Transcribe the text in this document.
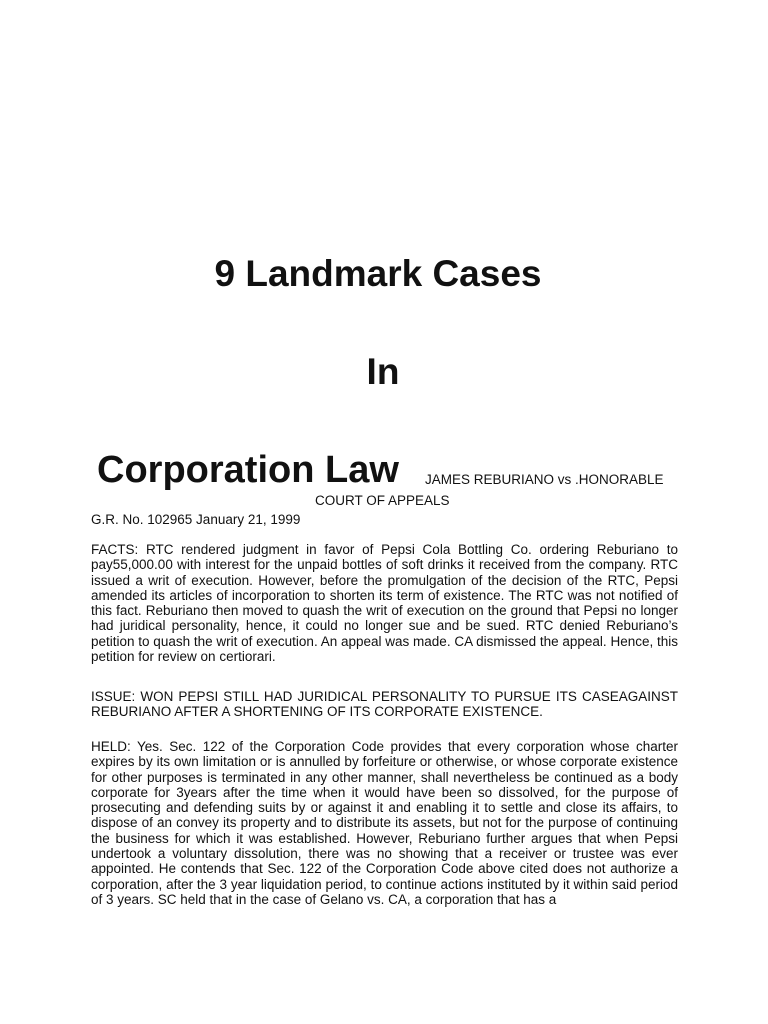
9 Landmark Cases
In
Corporation Law JAMES REBURIANO vs .HONORABLE
COURT OF APPEALS
G.R. No. 102965 January 21, 1999

FACTS: RTC rendered judgment in favor of Pepsi Cola Bottling Co. ordering Reburiano to pay55,000.00 with interest for the unpaid bottles of soft drinks it received from the company. RTC issued a writ of execution. However, before the promulgation of the decision of the RTC, Pepsi amended its articles of incorporation to shorten its term of existence. The RTC was not notified of this fact. Reburiano then moved to quash the writ of execution on the ground that Pepsi no longer had juridical personality, hence, it could no longer sue and be sued. RTC denied Reburiano’s petition to quash the writ of execution. An appeal was made. CA dismissed the appeal. Hence, this petition for review on certiorari.

ISSUE: WON PEPSI STILL HAD JURIDICAL PERSONALITY TO PURSUE ITS CASEAGAINST REBURIANO AFTER A SHORTENING OF ITS CORPORATE EXISTENCE.

HELD: Yes. Sec. 122 of the Corporation Code provides that every corporation whose charter expires by its own limitation or is annulled by forfeiture or otherwise, or whose corporate existence for other purposes is terminated in any other manner, shall nevertheless be continued as a body corporate for 3years after the time when it would have been so dissolved, for the purpose of prosecuting and defending suits by or against it and enabling it to settle and close its affairs, to dispose of an convey its property and to distribute its assets, but not for the purpose of continuing the business for which it was established. However, Reburiano further argues that when Pepsi undertook a voluntary dissolution, there was no showing that a receiver or trustee was ever appointed. He contends that Sec. 122 of the Corporation Code above cited does not authorize a corporation, after the 3 year liquidation period, to continue actions instituted by it within said period of 3 years. SC held that in the case of Gelano vs. CA, a corporation that has a
